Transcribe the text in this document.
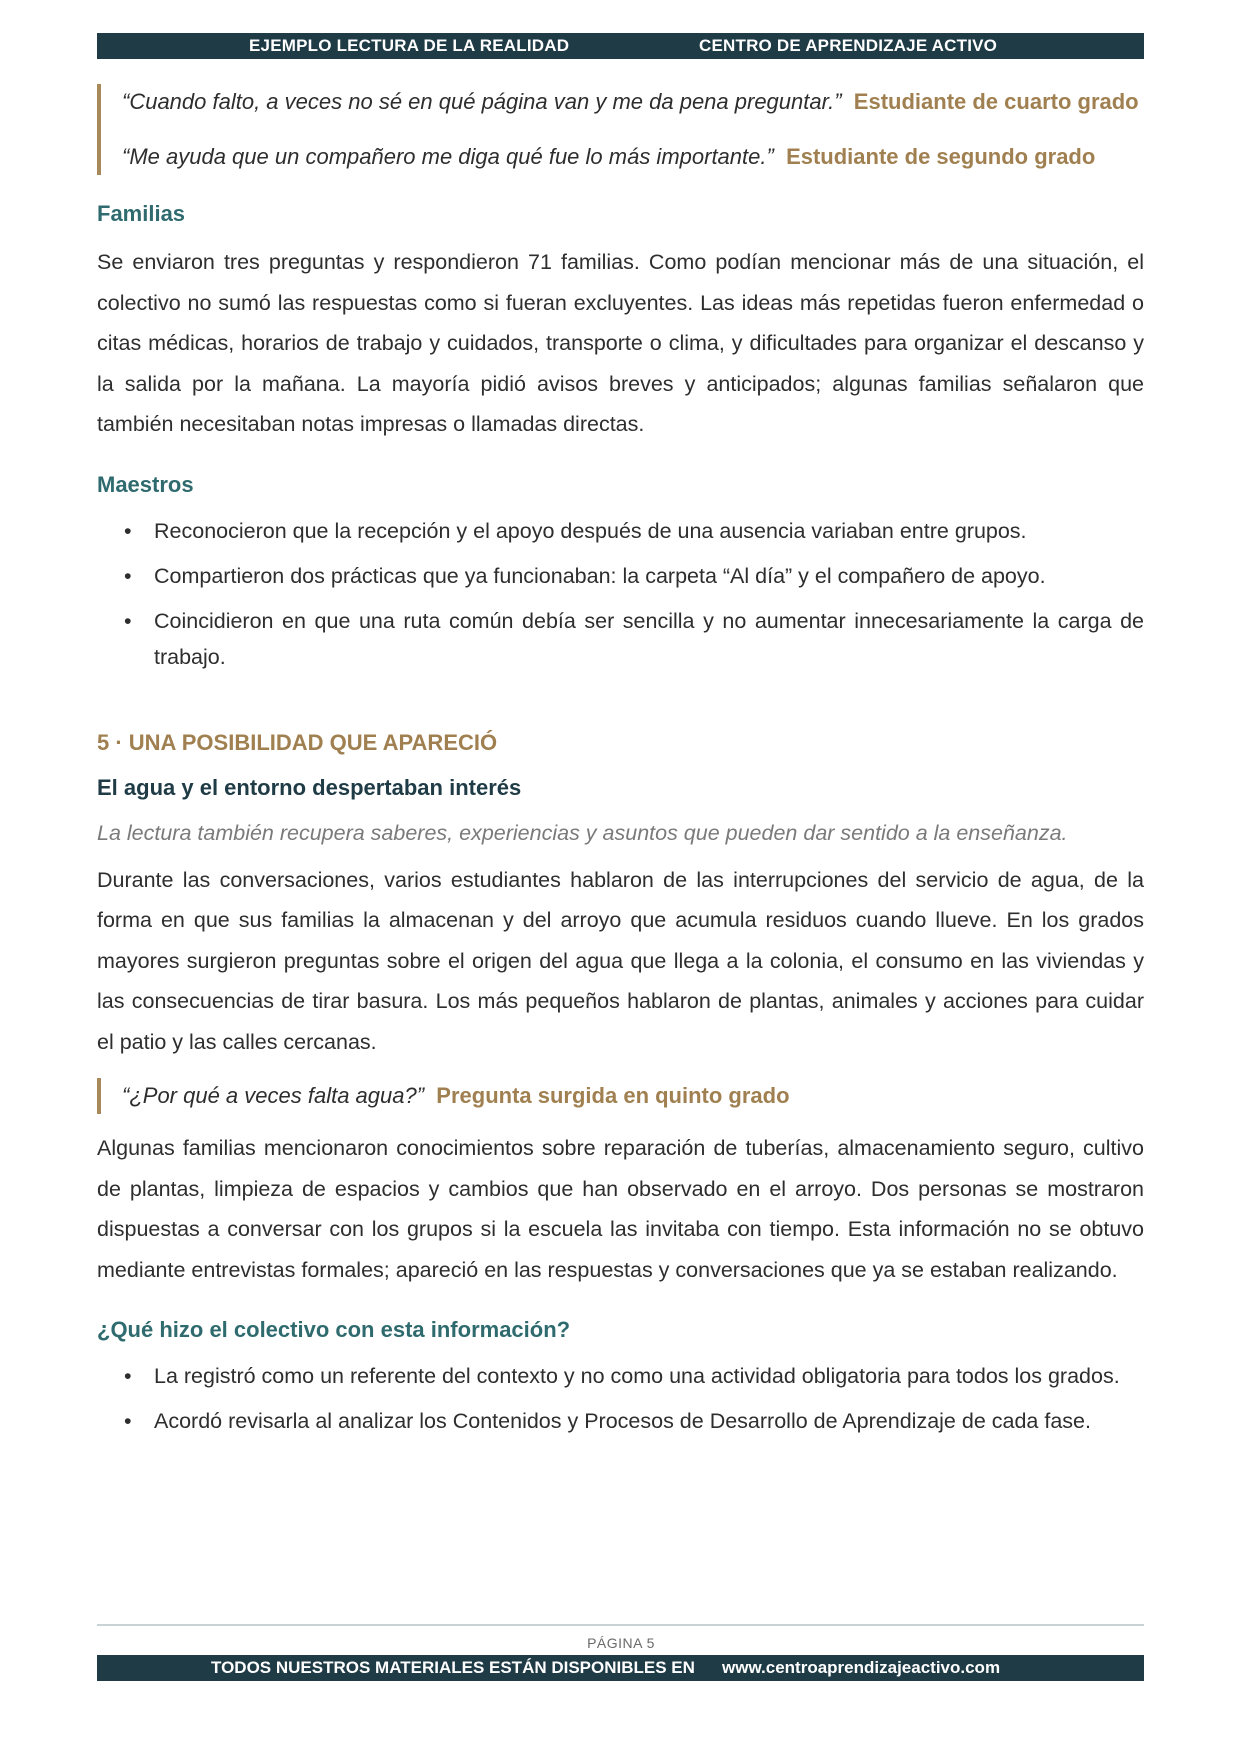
EJEMPLO LECTURA DE LA REALIDAD	CENTRO DE APRENDIZAJE ACTIVO

“Cuando falto, a veces no sé en qué página van y me da pena preguntar.” Estudiante de cuarto grado

“Me ayuda que un compañero me diga qué fue lo más importante.” Estudiante de segundo grado

Familias

Se enviaron tres preguntas y respondieron 71 familias. Como podían mencionar más de una situación, el colectivo no sumó las respuestas como si fueran excluyentes. Las ideas más repetidas fueron enfermedad o citas médicas, horarios de trabajo y cuidados, transporte o clima, y dificultades para organizar el descanso y la salida por la mañana. La mayoría pidió avisos breves y anticipados; algunas familias señalaron que también necesitaban notas impresas o llamadas directas.

Maestros
• Reconocieron que la recepción y el apoyo después de una ausencia variaban entre grupos.
• Compartieron dos prácticas que ya funcionaban: la carpeta “Al día” y el compañero de apoyo.
• Coincidieron en que una ruta común debía ser sencilla y no aumentar innecesariamente la carga de trabajo.
5 · UNA POSIBILIDAD QUE APARECIÓ
El agua y el entorno despertaban interés

La lectura también recupera saberes, experiencias y asuntos que pueden dar sentido a la enseñanza.

Durante las conversaciones, varios estudiantes hablaron de las interrupciones del servicio de agua, de la forma en que sus familias la almacenan y del arroyo que acumula residuos cuando llueve. En los grados mayores surgieron preguntas sobre el origen del agua que llega a la colonia, el consumo en las viviendas y las consecuencias de tirar basura. Los más pequeños hablaron de plantas, animales y acciones para cuidar el patio y las calles cercanas.

“¿Por qué a veces falta agua?” Pregunta surgida en quinto grado

Algunas familias mencionaron conocimientos sobre reparación de tuberías, almacenamiento seguro, cultivo de plantas, limpieza de espacios y cambios que han observado en el arroyo. Dos personas se mostraron dispuestas a conversar con los grupos si la escuela las invitaba con tiempo. Esta información no se obtuvo mediante entrevistas formales; apareció en las respuestas y conversaciones que ya se estaban realizando.

¿Qué hizo el colectivo con esta información?
• La registró como un referente del contexto y no como una actividad obligatoria para todos los grados.
• Acordó revisarla al analizar los Contenidos y Procesos de Desarrollo de Aprendizaje de cada fase.
PÁGINA 5
TODOS NUESTROS MATERIALES ESTÁN DISPONIBLES EN www.centroaprendizajeactivo.com
